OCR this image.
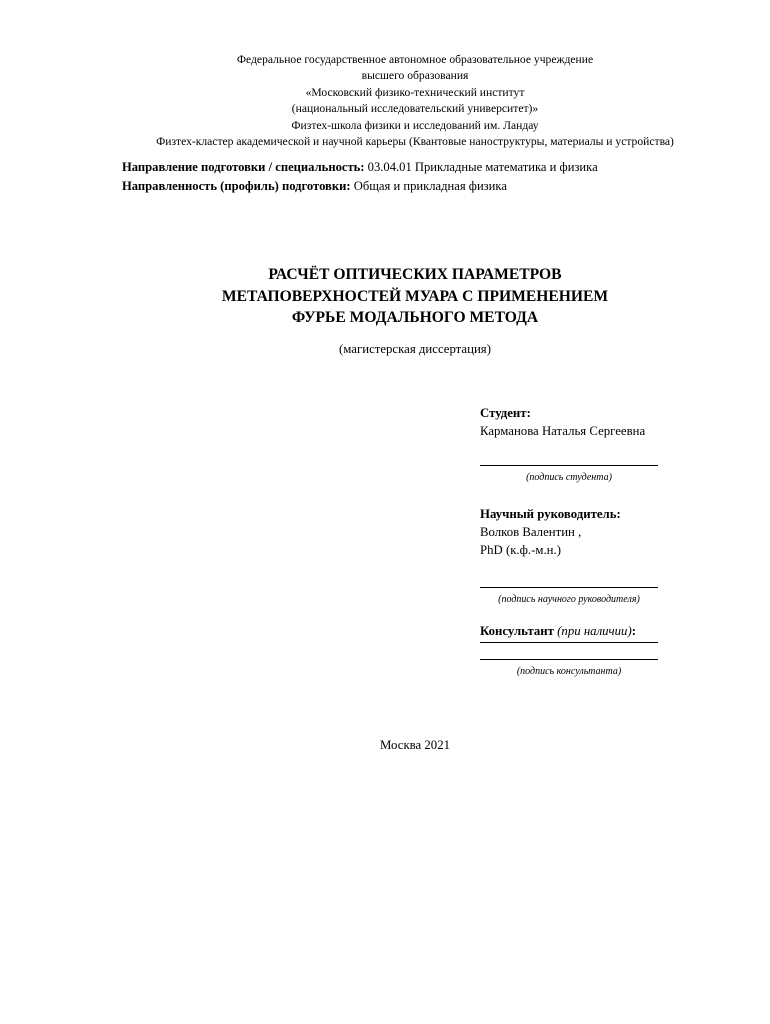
Федеральное государственное автономное образовательное учреждение
высшего образования
«Московский физико-технический институт
(национальный исследовательский университет)»
Физтех-школа физики и исследований им. Ландау
Физтех-кластер академической и научной карьеры (Квантовые наноструктуры, материалы и устройства)
Направление подготовки / специальность: 03.04.01 Прикладные математика и физика
Направленность (профиль) подготовки: Общая и прикладная физика
РАСЧЁТ ОПТИЧЕСКИХ ПАРАМЕТРОВ
МЕТАПОВЕРХНОСТЕЙ МУАРА С ПРИМЕНЕНИЕМ
ФУРЬЕ МОДАЛЬНОГО МЕТОДА
(магистерская диссертация)
Студент:
Карманова Наталья Сергеевна
(подпись студента)
Научный руководитель:
Волков Валентин ,
PhD (к.ф.-м.н.)
(подпись научного руководителя)
Консультант (при наличии):
(подпись консультанта)
Москва 2021
